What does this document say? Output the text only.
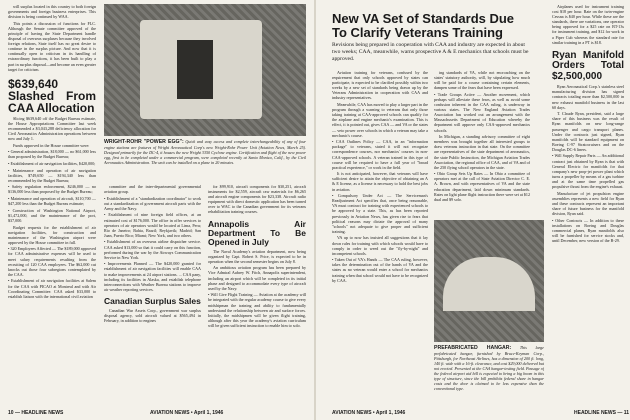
will surplus located in this country to both foreign governments and foreign business enterprises. This division is being continued by WAA.

This points a discussion of functions for FLC. Although the Senate committee approved of the principle of having the State Department handle disposal of overseas surpluses because they involved foreign relations, State itself has no great desire to continue in the surplus picture. And now that it is continually open to criticism in its handling of extraordinary functions, it has been built to play a part in surplus disposal—and become an even greater target for criticism.

$639,640 Slashed From CAA Allocation

Slicing $639,640 off the Budget Bureau estimate, the House Appropriations Committee last week recommended a $3,043,288 deficiency allocation for Civil Aeronautics Administration operations between now and July 1.

Funds approved in the House committee were:

• General administration, $18,000 — no $61,000 less than proposed by the Budget Bureau;

• Establishment of air navigation facilities, $420,000;

• Maintenance and operation of air navigation facilities, $749,650 — $194,340 less than recommended by the Budget Bureau;

• Safety regulation enforcement, $246,000 — no $136,000 less than proposed by the Budget Bureau;

• Maintenance and operation of aircraft, $110,700 — $47,200 less than the Budget Bureau estimate;

• Construction of Washington National Airport, $1,472,000, and the maintenance of the port, $37,000.

Budget requests for the establishment of air navigation facilities, for construction and maintenance of the Washington airport were approved by the House committee in full.

• 320 Employees Affected — The $189,000 approved for CAA administrative expenses will be used to meet salary requirements resulting from the recruiting of 120 CAA employees. The $62,000 cut knocks out those four subregions contemplated by the CAA.

• Establishment of air navigation facilities at Salem for the CAA with PICAO at Montreal and with Air Coordinating Committee. CAA asked $33,000 to establish liaison with the international civil aviation

WRIGHT-ROHR "POWER EGG": Quick and easy access and complete interchangeability of any of four engine stations are features of Wright Aeronautical Corp's new Wright-Rohr Power Unit (Aviation News, March 25). Designed primarily for the DC-4, it houses the new Wright 3350 Cyclone engine. Certification and flight of the new power egg, first to be completed under a commercial program, were completed recently at Santa Monica, Calif., by the Civil Aeronautics Administration. The unit can be installed on a plane in 20 minutes.

committee and the inter-departmental governmental aviation group.

• Establishment of a "standardization coordinator" to work out a standardization of government aircraft parts with the Army and the Navy.

• Establishment of nine foreign field offices, at an estimated cost of $176,000. The office in offer services to operators of air operators would be located at Lima, Peru; Rio de Janeiro; Bahia, Brazil; Reykjavik; Madrid; San Juan, Puerto Rico; Miami; New York, and two others.

• Establishment of an overseas airline dispatcher service. CAA asked $13,000 so that it could carry on this function, performed during the war by the Airways Communication Service in New York.

• Improvements Planned — The $420,000 granted for establishment of air navigation facilities will enable CAA to make improvements at 24 airport stations. ... CAA pany, including its facilities in Alaska, and establish telephone interconnections with Weather Bureau stations to improve air weather reporting services.

Canadian Surplus Sales

Canadian War Assets Corp., government war surplus disposal agency, sold aircraft valued at $565,494 in February, in addition to engines

for $99,910, aircraft components for $30,251, aircraft instruments for $2,559, aircraft raw materials for $6,265 and aircraft engine components for $23,338. Aircraft radio equipment with direct domestic application has been turned over to WAC to the Canadian government for its veterans rehabilitation training courses.

Annapolis Air Department To Be Opened in July

The Naval Academy's aviation department, now being organized by Capt. Robert S. Price, is expected to be in operation when the second semester begins on July 8.

An ambitious aviation program has been prepared by Vice Admiral Aubrey W. Fitch, Annapolis superintendent, including an airport which will be completed in its initial phase and designed to accommodate every type of aircraft used by the Navy.

• Will Give Flight Training — Aviation at the academy will be integrated with the regular academy course to give every midshipman the training and ability to fundamentally understand the relationship between air and surface forces. Initially, the midshipmen will be given flight training, although after this year the academy's aviation curriculum will be given sufficient instruction to enable him to solo.

10 — HEADLINE NEWS	AVIATION NEWS • April 1, 1946
New VA Set of Standards Due To Clarify Veterans Training
Revisions being prepared in cooperation with CAA and industry are expected in about two weeks; CAA, meanwhile, warns prospective A & E mechanics that schools must be approved.

Aviation training for veterans, confused by the requirement that only schools approved by states can participate, is expected to be clarified possibly within two weeks by a new set of standards being drawn up by the Veterans Administration in cooperation with CAA and industry representatives.

Meanwhile, CAA has moved to play a larger part in the program through a warning to veterans that only those taking training at CAA-approved schools can qualify for the airplane and engine mechanic's examination. This is effect, it is pointed out, gives CAA — and VA or the states — veto power over schools in which a veteran may take a mechanic's course.

• CAA Outlines Policy — CAA, in an "information package" to veterans, stated it will not recognize correspondence courses, nor mechanics' courses in non-CAA-approved schools. A veteran trained in this type of course will be required to have a full year of "broad practical experience," or work in the field.

It is not anticipated, however, that veterans will have sufficient desire to attain the objective of obtaining an A & E license, as a license is necessary to hold the best jobs in aviation.

• Compulsory Under Act — The Serviceman's Readjustment Act specifies that, once being reasonable, VA must contract for training with experienced schools to be approved by a state. This, as has been reported previously in Aviation News, has given rise to fears that political reasons may dictate the approval of many "schools" not adequate to give proper and sufficient training.

VA up to now has insisted all suggestions that it lay down rules for training with which schools would have to comply in order to weed out the "fly-by-night" and incompetent schools.

• Taken Out of VA's Hands — The CAA ruling, however, takes the determination out of the hands of VA and the states as no veteran would enter a school for mechanics training when that school would not have to be recognized by CAA.

ing standards of VA, while not encroaching on the states' statutory authority, will, by stipulating how much will be paid for a course containing certain elements, dampen some of the fears that have been expressed.

• Trade Groups Active — Another movement, which perhaps will alleviate these fears, as well as avoid some confusion inherent in the CAA ruling, is underway in various states. The New England Aviation Trades Association has worked out an arrangement with the Massachusetts Department of Education whereby the department will approve only CAA-approved mechanics schools.

In Michigan, a standing advisory committee of eight members was brought together all interested groups to draw veterans instruction in that state. On the committee are representatives of the state department of aeronautics, the state Public Instruction, the Michigan Aviation Trades Association, the regional office of CAA, and of VA and of the 250 flying school operators in the state.

• Ohio Group Sets Up Rates — In Ohio a committee of operators met at the call of State Aviation Director C. E. A. Brown, and with representatives of VA and the state education department, laid down minimum standards. Rates on light plane flight instruction there were set at $12 dual and $9 solo.

PREFABRICATED HANGAR: This large prefabricated hangar, furnished by Bruce-Keyman Corp., Pittsburgh, for Northeast Airlines, has a dimension of 200 ft. long, 140 ft. wide with a 16-ft. clearance, and cost $29,000 delivered but not erected. Presented at the CAA hangar-testing field. Passage of the federal airport aid bill is expected to bring a big boom in this type of structure, since the bill prohibits federal share in hangar costs and the door is claimed to be less expensive than the conventional type.

Airplanes used for instrument training cost $18 per hour. Rate on the twin-engine Cessna is $40 per hour. While these are the standards, there are variations, one operator being approved for a $25 rate on BT-13s for instrument training, and $12 for work in a Piper Cub whereas the standard rate for similar training in a PT is $18.

Ryan Manifold Orders Total $2,500,000

Ryan Aeronautical Corp.'s stainless steel manufacturing division has signed contracts totaling more than $2,500,000 in new exhaust manifold business in the last 60 days.

T. Claude Ryan, president, said a large share of this business was the result of Ryan manifolds on new long-range passenger and cargo transport planes. Under the contracts just signed, Ryan manifolds will be standard equipment on Boeing C-97 Stratocruisers and on the Douglas DC-6 liners.

• Will Supply Repair Parts — An additional contract just obtained by Ryan is that with General Electric for manifolds for that company's new prop-jet power plant which turns a propeller by means of a gas turbine and at the same time propelled gas propulsive thrust from the engine's exhaust.

Manufacture of jet propulsion engine assemblies represents a new field for Ryan and these contracts represent an important share of future business for the manifold division, Ryan said.

• Other Contracts — In addition to these installations on Boeing and Douglas commercial planes, Ryan manifolds also will be furnished for service stocks and, until December, new version of the B-29.

AVIATION NEWS • April 1, 1946	HEADLINE NEWS — 11
